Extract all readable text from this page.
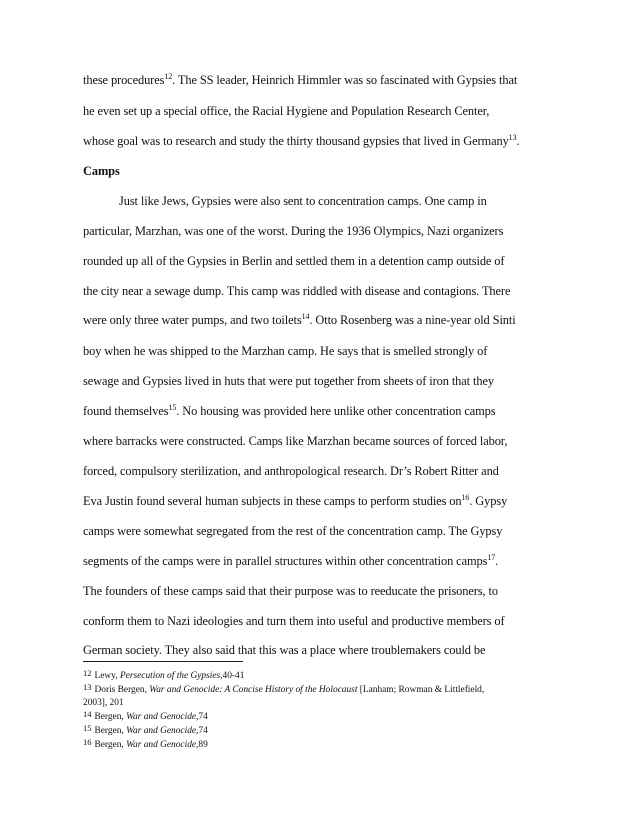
these procedures$^{12}$. The SS leader, Heinrich Himmler was so fascinated with Gypsies that
he even set up a special office, the Racial Hygiene and Population Research Center,
whose goal was to research and study the thirty thousand gypsies that lived in Germany$^{13}$.
Camps
Just like Jews, Gypsies were also sent to concentration camps. One camp in
particular, Marzhan, was one of the worst. During the 1936 Olympics, Nazi organizers
rounded up all of the Gypsies in Berlin and settled them in a detention camp outside of
the city near a sewage dump. This camp was riddled with disease and contagions. There
were only three water pumps, and two toilets$^{14}$. Otto Rosenberg was a nine-year old Sinti
boy when he was shipped to the Marzhan camp. He says that is smelled strongly of
sewage and Gypsies lived in huts that were put together from sheets of iron that they
found themselves$^{15}$. No housing was provided here unlike other concentration camps
where barracks were constructed. Camps like Marzhan became sources of forced labor,
forced, compulsory sterilization, and anthropological research. Dr’s Robert Ritter and
Eva Justin found several human subjects in these camps to perform studies $on^{16}$. Gypsy
camps were somewhat segregated from the rest of the concentration camp. The Gypsy
segments of the camps were in parallel structures within other concentration camps$^{17}$.
The founders of these camps said that their purpose was to reeducate the prisoners, to
conform them to Nazi ideologies and turn them into useful and productive members of
German society. They also said that this was a place where troublemakers could be
$^{12}$ Lewy, Persecution of the Gypsies,40-41
$^{13}$ Doris Bergen, War and Genocide: A Concise History of the Holocaust [Lanham; Rowman & Littlefield,
2003], 201
$^{14}$ Bergen, War and Genocide,74
$^{15}$ Bergen, War and Genocide,74
$^{16}$ Bergen, War and Genocide,89
